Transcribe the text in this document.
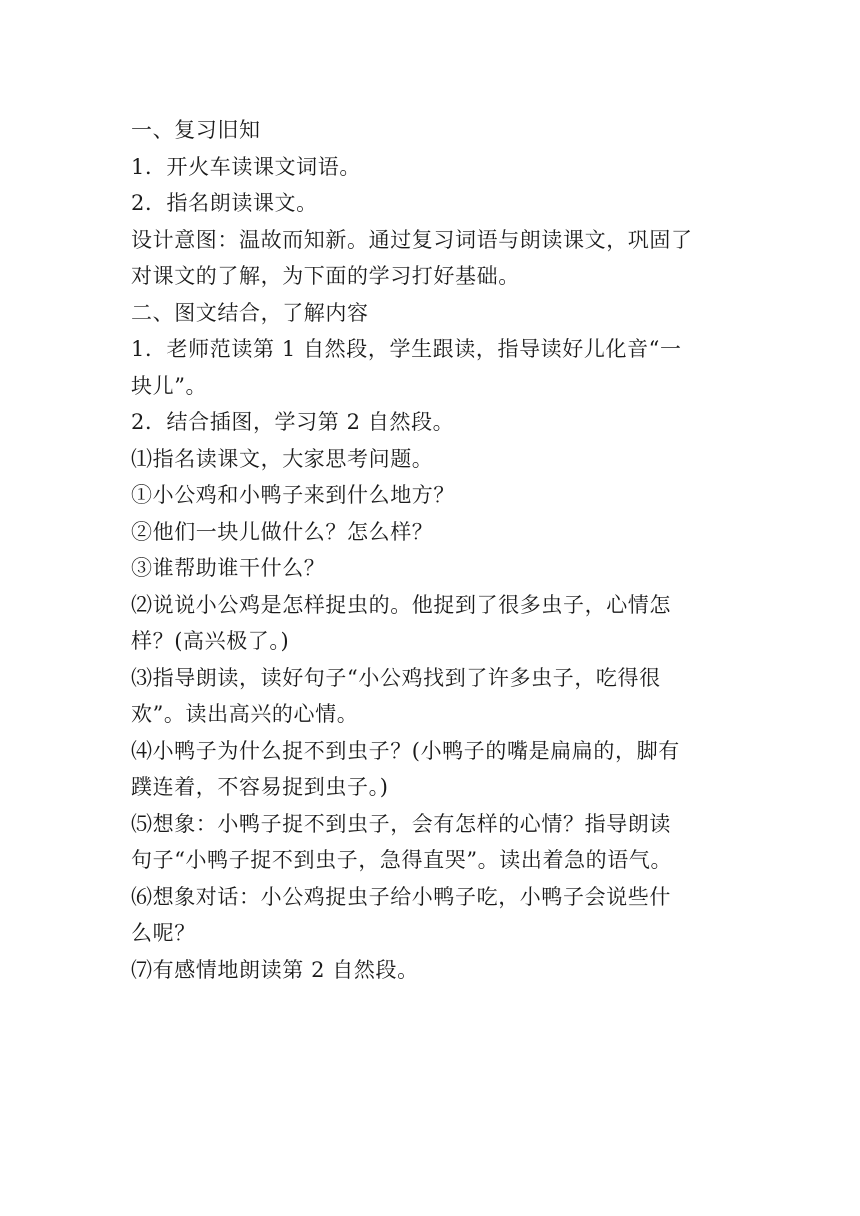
一、复习旧知

1．开火车读课文词语。

2．指名朗读课文。

设计意图：温故而知新。通过复习词语与朗读课文，巩固了

对课文的了解，为下面的学习打好基础。

二、图文结合，了解内容

1．老师范读第 1 自然段，学生跟读，指导读好儿化音“一

块儿”。

2．结合插图，学习第 2 自然段。

⑴指名读课文，大家思考问题。

①小公鸡和小鸭子来到什么地方？

②他们一块儿做什么？怎么样？

③谁帮助谁干什么？

⑵说说小公鸡是怎样捉虫的。他捉到了很多虫子，心情怎

样？(高兴极了。)

⑶指导朗读，读好句子“小公鸡找到了许多虫子，吃得很

欢”。读出高兴的心情。

⑷小鸭子为什么捉不到虫子？(小鸭子的嘴是扁扁的，脚有

蹼连着，不容易捉到虫子。)

⑸想象：小鸭子捉不到虫子，会有怎样的心情？指导朗读

句子“小鸭子捉不到虫子，急得直哭”。读出着急的语气。

⑹想象对话：小公鸡捉虫子给小鸭子吃，小鸭子会说些什

么呢？

⑺有感情地朗读第 2 自然段。
